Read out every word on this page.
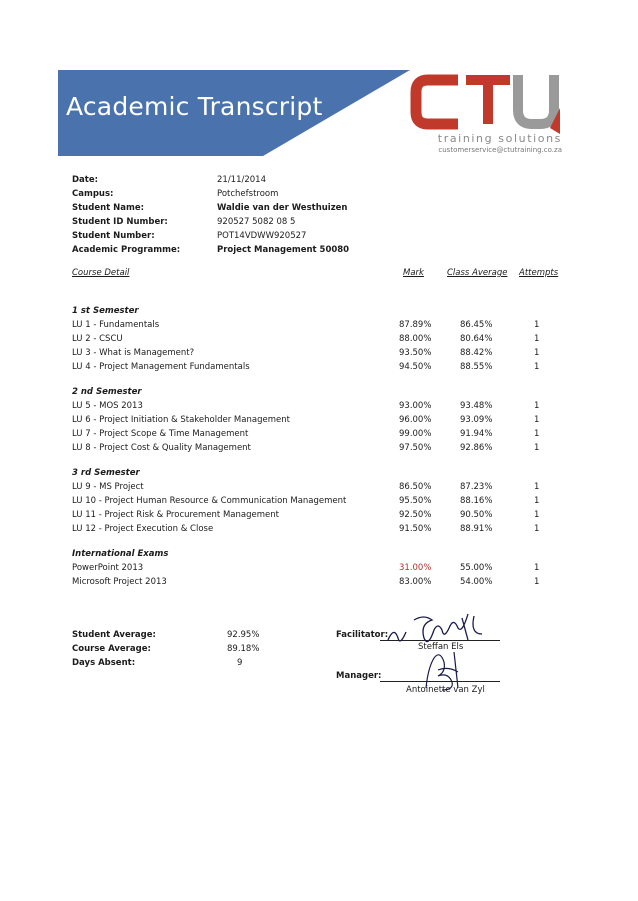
Academic Transcript
training solutions
customerservice@ctutraining.co.za
Date:	21/11/2014
Campus:	Potchefstroom
Student Name:	Waldie van der Westhuizen
Student ID Number:	920527 5082 08 5
Student Number:	POT14VDWW920527
Academic Programme:	Project Management 50080
Course Detail	Mark	Class Average Attempts
1 st Semester
LU 1 - Fundamentals	87.89%	86.45%	1
LU 2 - CSCU	88.00%	80.64%	1
LU 3 - What is Management?	93.50%	88.42%	1
LU 4 - Project Management Fundamentals	94.50%	88.55%	1
2 nd Semester
LU 5 - MOS 2013	93.00%	93.48%	1
LU 6 - Project Initiation & Stakeholder Management	96.00%	93.09%	1
LU 7 - Project Scope & Time Management	99.00%	91.94%	1
LU 8 - Project Cost & Quality Management	97.50%	92.86%	1
3 rd Semester
LU 9 - MS Project	86.50%	87.23%	1
LU 10 - Project Human Resource & Communication Management	95.50%	88.16%	1
LU 11 - Project Risk & Procurement Management	92.50%	90.50%	1
LU 12 - Project Execution & Close	91.50%	88.91%	1
International Exams
PowerPoint 2013	31.00%	55.00%	1
Microsoft Project 2013	83.00%	54.00%	1
Student Average:	92.95%
Course Average:	89.18%
Days Absent:	9
Facilitator:
Steffan Els
Manager:
Antoinette van Zyl
